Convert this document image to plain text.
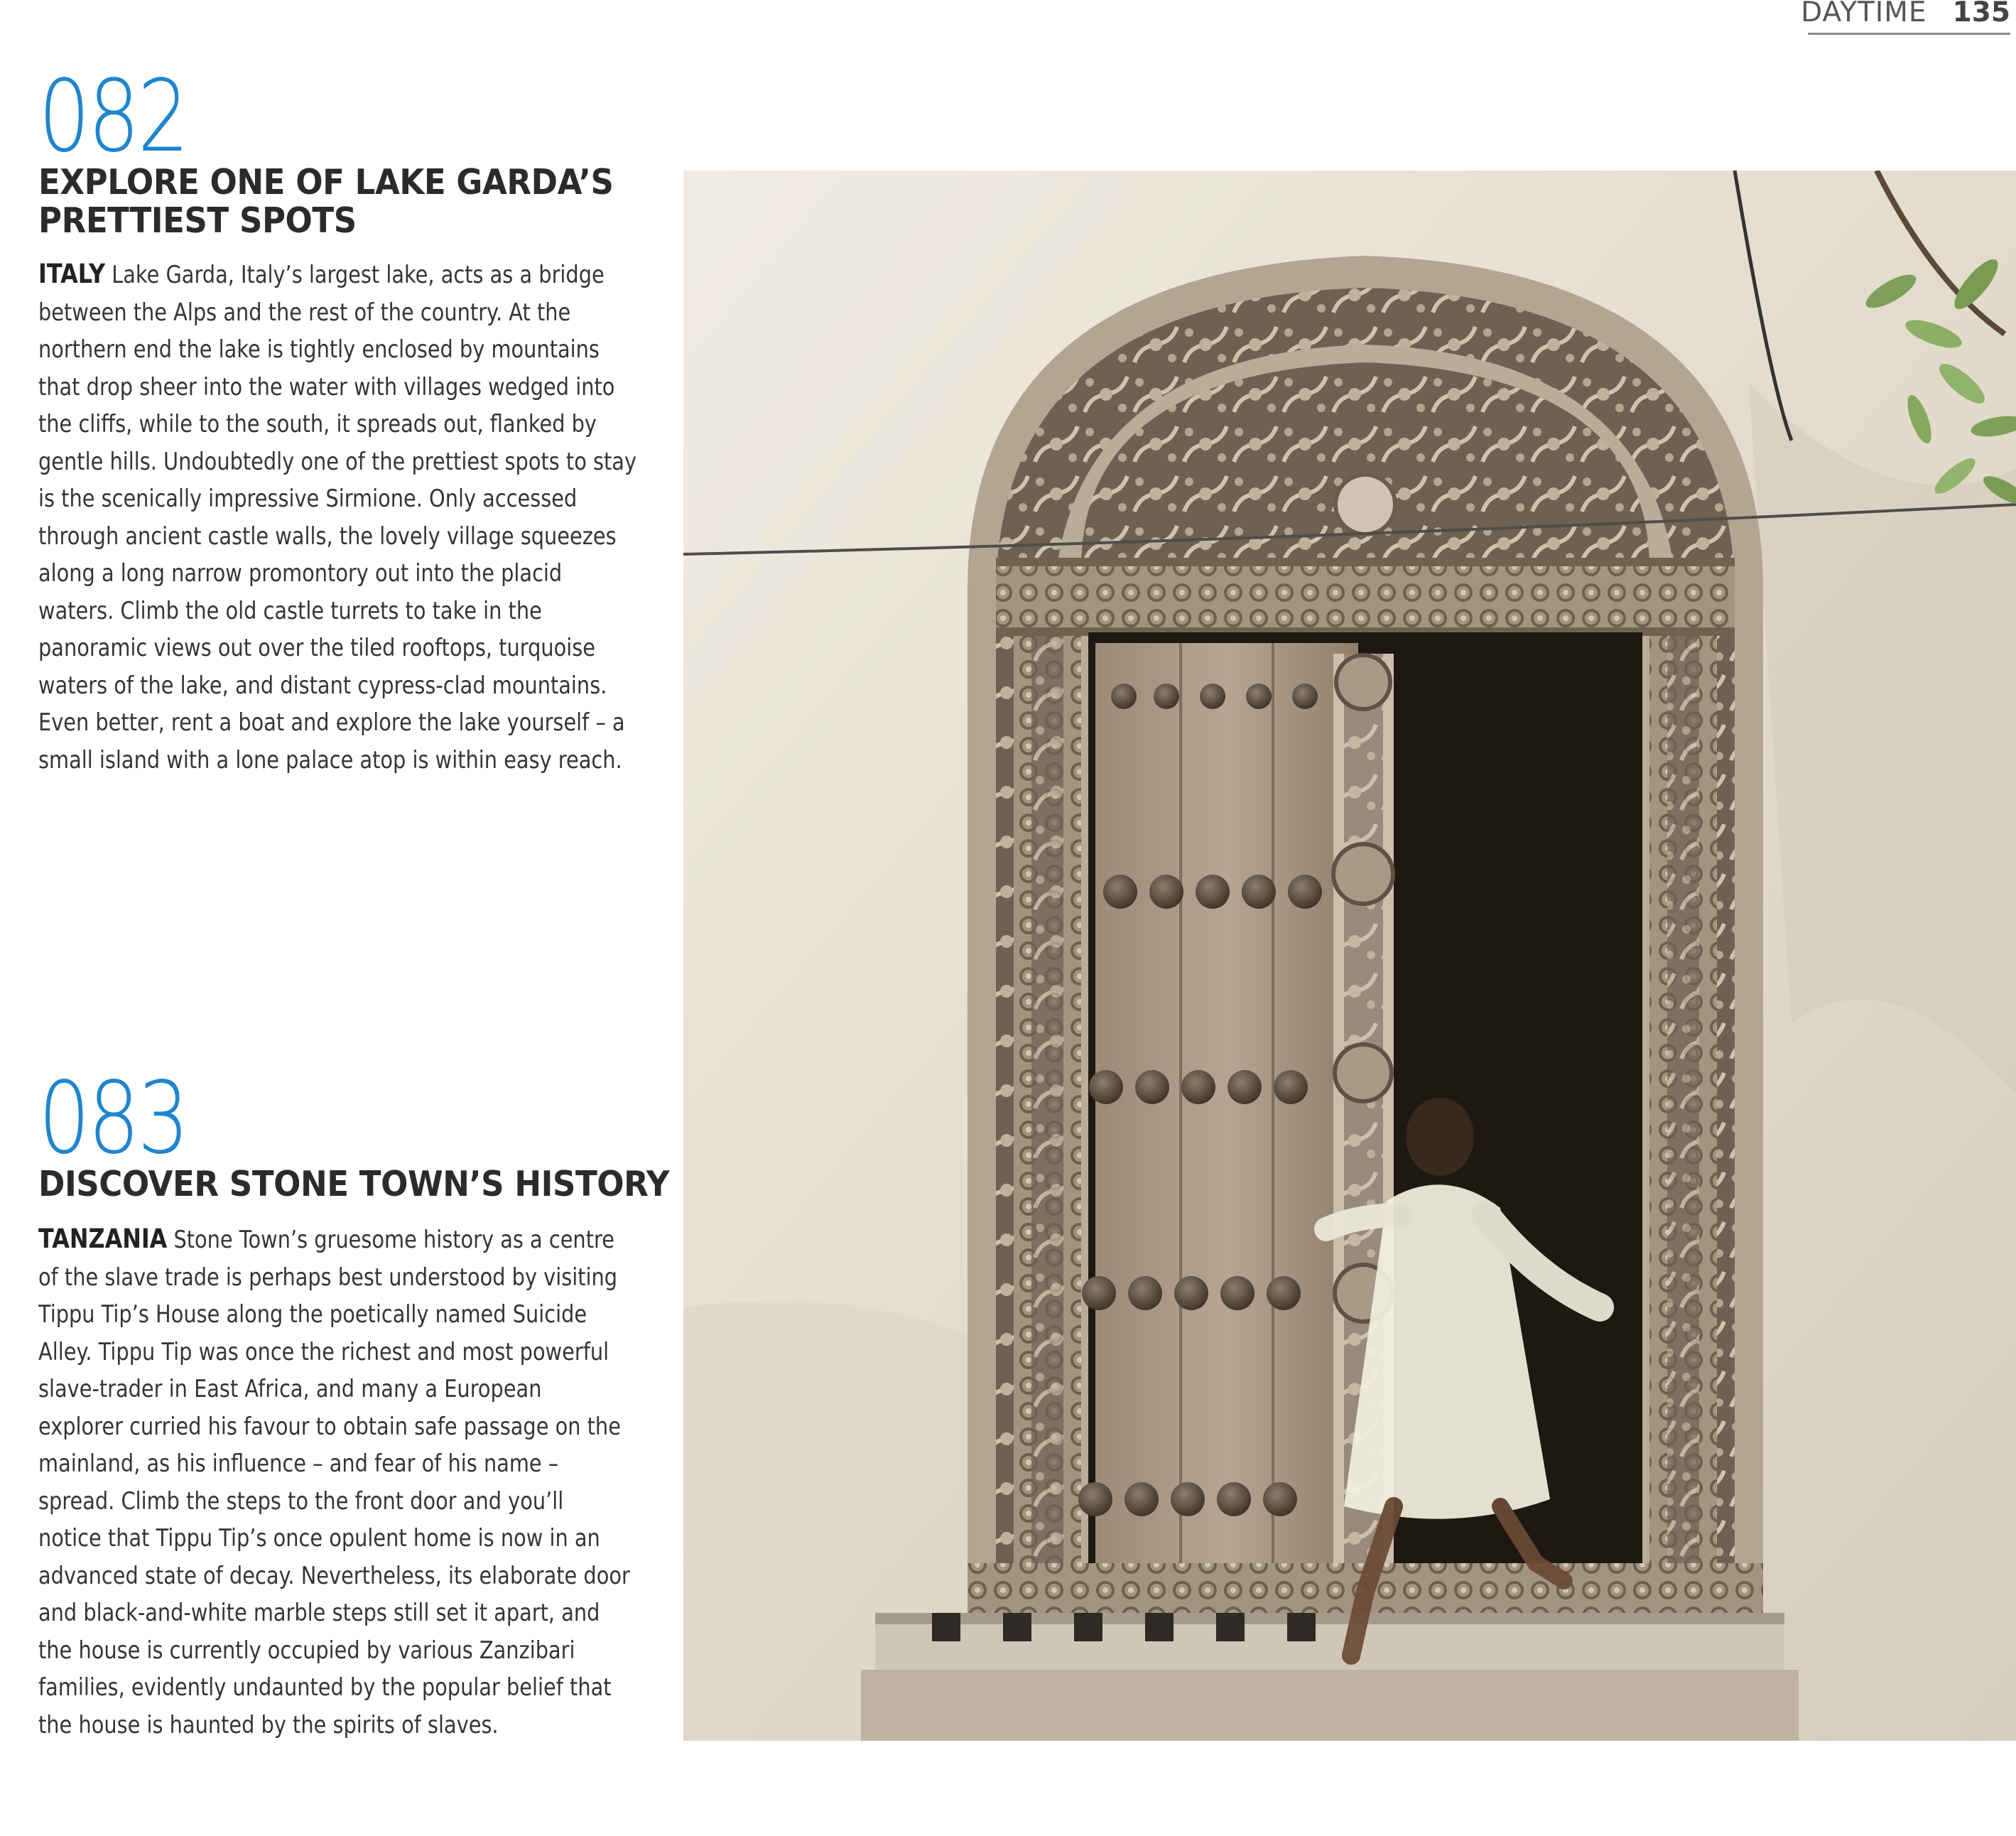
DAYTIME 135
082
EXPLORE ONE OF LAKE GARDA’S
PRETTIEST SPOTS

ITALY Lake Garda, Italy’s largest lake, acts as a bridge
between the Alps and the rest of the country. At the
northern end the lake is tightly enclosed by mountains
that drop sheer into the water with villages wedged into
the cliffs, while to the south, it spreads out, flanked by
gentle hills. Undoubtedly one of the prettiest spots to stay
is the scenically impressive Sirmione. Only accessed
through ancient castle walls, the lovely village squeezes
along a long narrow promontory out into the placid
waters. Climb the old castle turrets to take in the
panoramic views out over the tiled rooftops, turquoise
waters of the lake, and distant cypress-clad mountains.
Even better, rent a boat and explore the lake yourself – a
small island with a lone palace atop is within easy reach.

083
DISCOVER STONE TOWN’S HISTORY

TANZANIA Stone Town’s gruesome history as a centre
of the slave trade is perhaps best understood by visiting
Tippu Tip’s House along the poetically named Suicide
Alley. Tippu Tip was once the richest and most powerful
slave-trader in East Africa, and many a European
explorer curried his favour to obtain safe passage on the
mainland, as his influence – and fear of his name –
spread. Climb the steps to the front door and you’ll
notice that Tippu Tip’s once opulent home is now in an
advanced state of decay. Nevertheless, its elaborate door
and black-and-white marble steps still set it apart, and
the house is currently occupied by various Zanzibari
families, evidently undaunted by the popular belief that
the house is haunted by the spirits of slaves.
